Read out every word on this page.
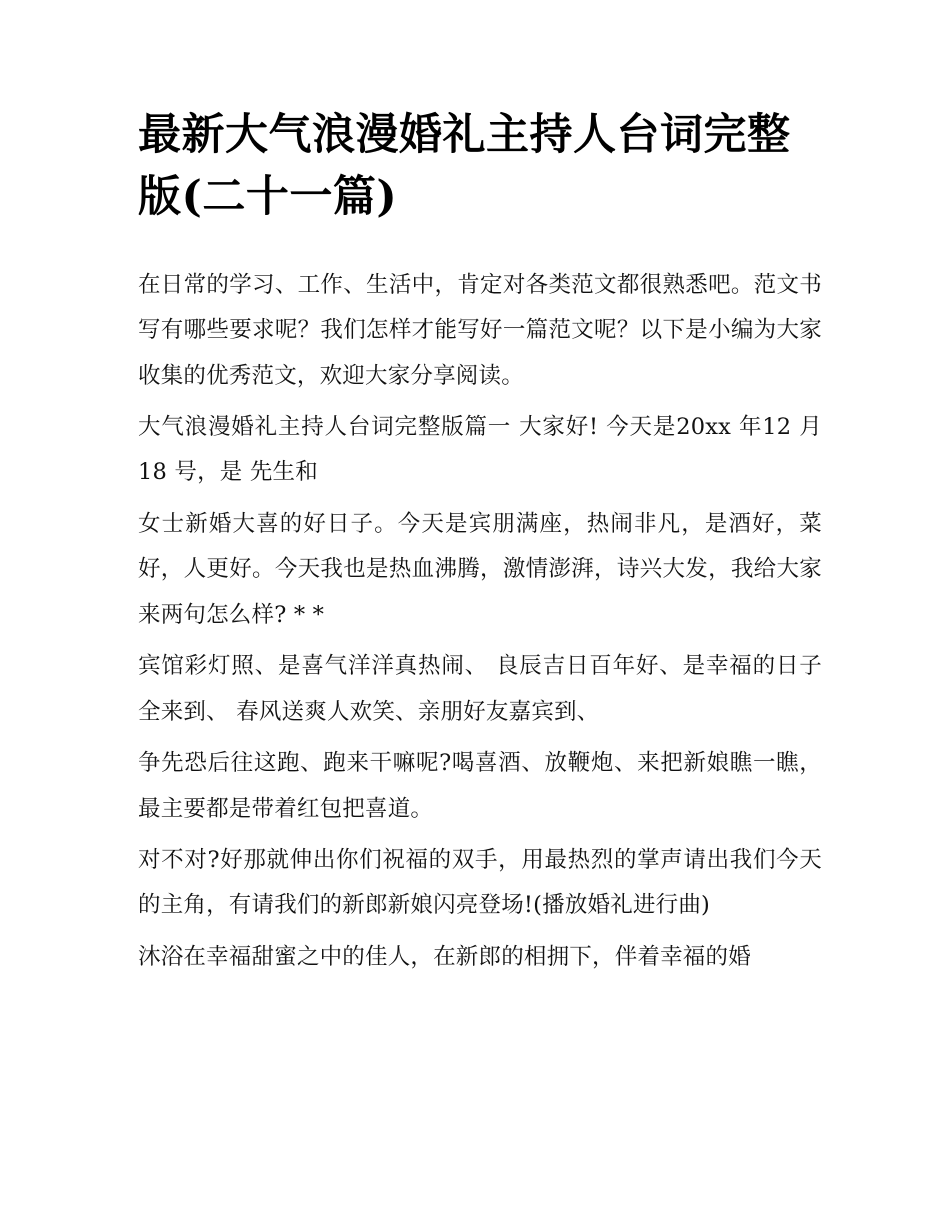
最新大气浪漫婚礼主持人台词完整版(二十一篇)

在日常的学习、工作、生活中，肯定对各类范文都很熟悉吧。范文书写有哪些要求呢？我们怎样才能写好一篇范文呢？以下是小编为大家收集的优秀范文，欢迎大家分享阅读。

大气浪漫婚礼主持人台词完整版篇一 大家好! 今天是20xx 年12 月18 号，是 先生和

女士新婚大喜的好日子。今天是宾朋满座，热闹非凡，是酒好，菜好，人更好。今天我也是热血沸腾，激情澎湃，诗兴大发，我给大家来两句怎么样? * *

宾馆彩灯照、是喜气洋洋真热闹、 良辰吉日百年好、是幸福的日子全来到、 春风送爽人欢笑、亲朋好友嘉宾到、

争先恐后往这跑、跑来干嘛呢?喝喜酒、放鞭炮、来把新娘瞧一瞧，最主要都是带着红包把喜道。

对不对?好那就伸出你们祝福的双手，用最热烈的掌声请出我们今天的主角，有请我们的新郎新娘闪亮登场!(播放婚礼进行曲)

沐浴在幸福甜蜜之中的佳人，在新郎的相拥下，伴着幸福的婚
